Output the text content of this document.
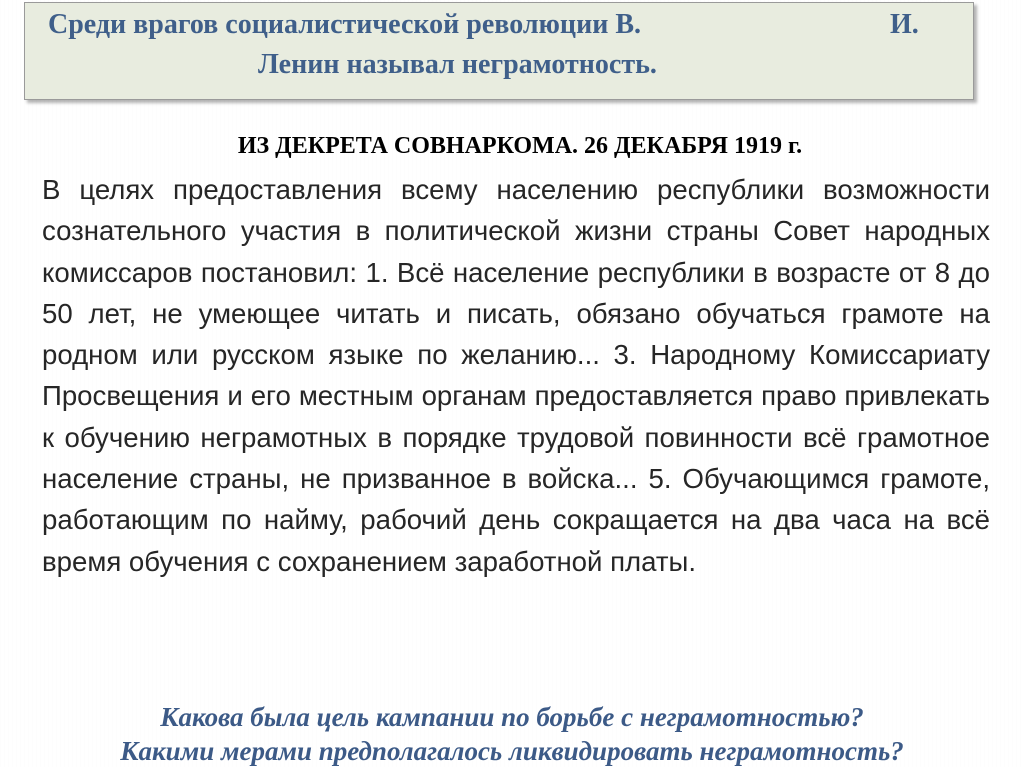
Среди врагов социалистической революции В.	И.
Ленин называл неграмотность.
ИЗ ДЕКРЕТА СОВНАРКОМА. 26 ДЕКАБРЯ 1919 г.

В целях предоставления всему населению республики возможности сознательного участия в политической жизни страны Совет народных комиссаров постановил: 1. Всё население республики в возрасте от 8 до 50 лет, не умеющее читать и писать, обязано обучаться грамоте на родном или русском языке по желанию... 3. Народному Комиссариату Просвещения и его местным органам предоставляется право привлекать к обучению неграмотных в порядке трудовой повинности всё грамотное население страны, не призванное в войска... 5. Обучающимся грамоте, работающим по найму, рабочий день сокращается на два часа на всё время обучения с сохранением заработной платы.

Какова была цель кампании по борьбе с неграмотностью?
Какими мерами предполагалось ликвидировать неграмотность?
